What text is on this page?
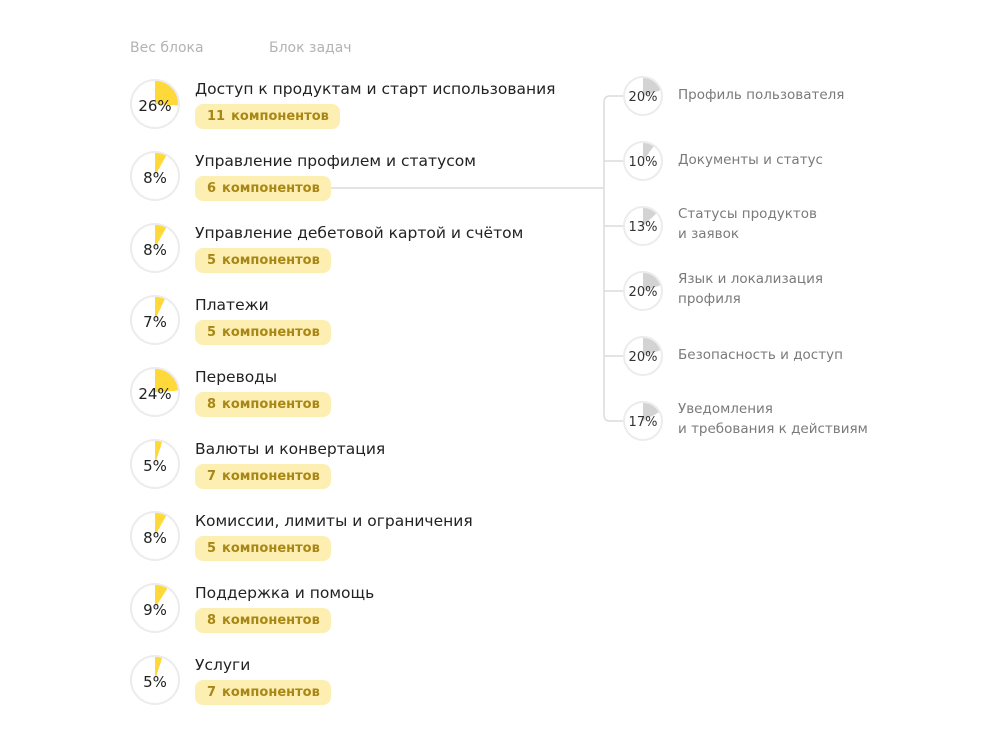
Вес блока	Блок задач
26%
Доступ к продуктам и старт использования
11 компонентов
8%
Управление профилем и статусом
6 компонентов
8%
Управление дебетовой картой и счётом
5 компонентов
7%
Платежи
5 компонентов
24%
Переводы
8 компонентов
5%
Валюты и конвертация
7 компонентов
8%
Комиссии, лимиты и ограничения
5 компонентов
9%
Поддержка и помощь
8 компонентов
5%
Услуги
7 компонентов
20% Профиль пользователя
10% Документы и статус
13%
Статусы продуктов
и заявок
20%
Язык и локализация
профиля
20% Безопасность и доступ
17%
Уведомления
и требования к действиям
